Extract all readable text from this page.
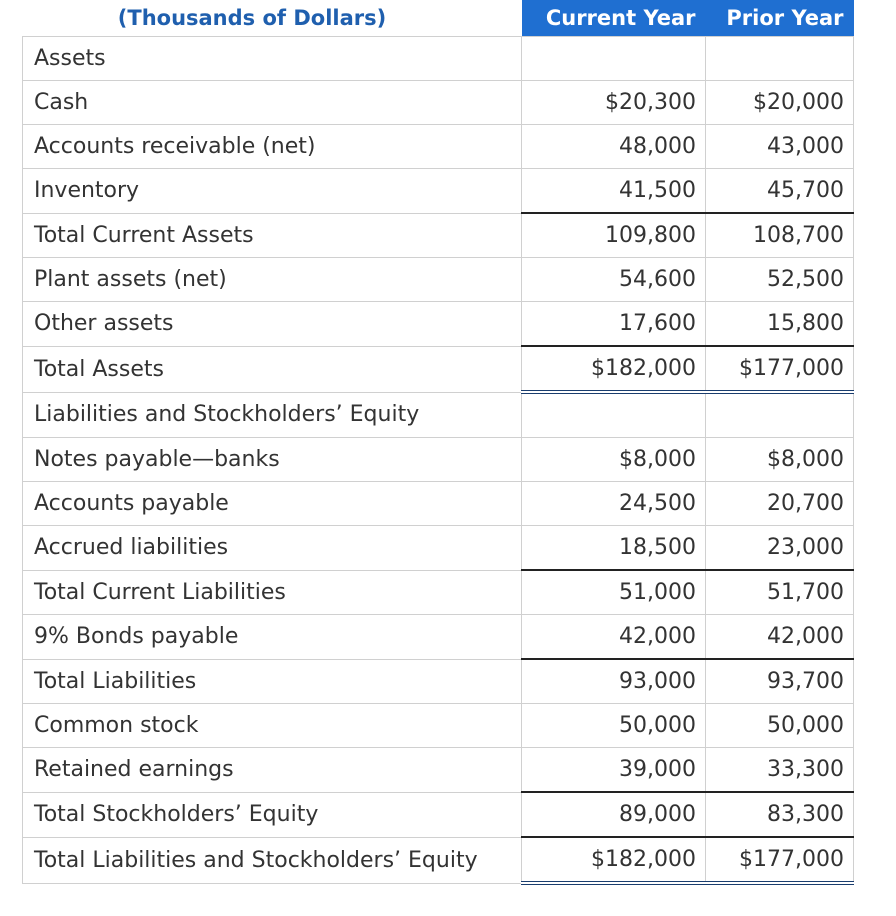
(Thousands of Dollars)	Current Year	Prior Year
Assets		
Cash	$20,300	$20,000
Accounts receivable (net)	48,000	43,000
Inventory	41,500	45,700
Total Current Assets	109,800	108,700
Plant assets (net)	54,600	52,500
Other assets	17,600	15,800
Total Assets	$182,000	$177,000
Liabilities and Stockholders’ Equity		
Notes payable—banks	$8,000	$8,000
Accounts payable	24,500	20,700
Accrued liabilities	18,500	23,000
Total Current Liabilities	51,000	51,700
9% Bonds payable	42,000	42,000
Total Liabilities	93,000	93,700
Common stock	50,000	50,000
Retained earnings	39,000	33,300
Total Stockholders’ Equity	89,000	83,300
Total Liabilities and Stockholders’ Equity	$182,000	$177,000
